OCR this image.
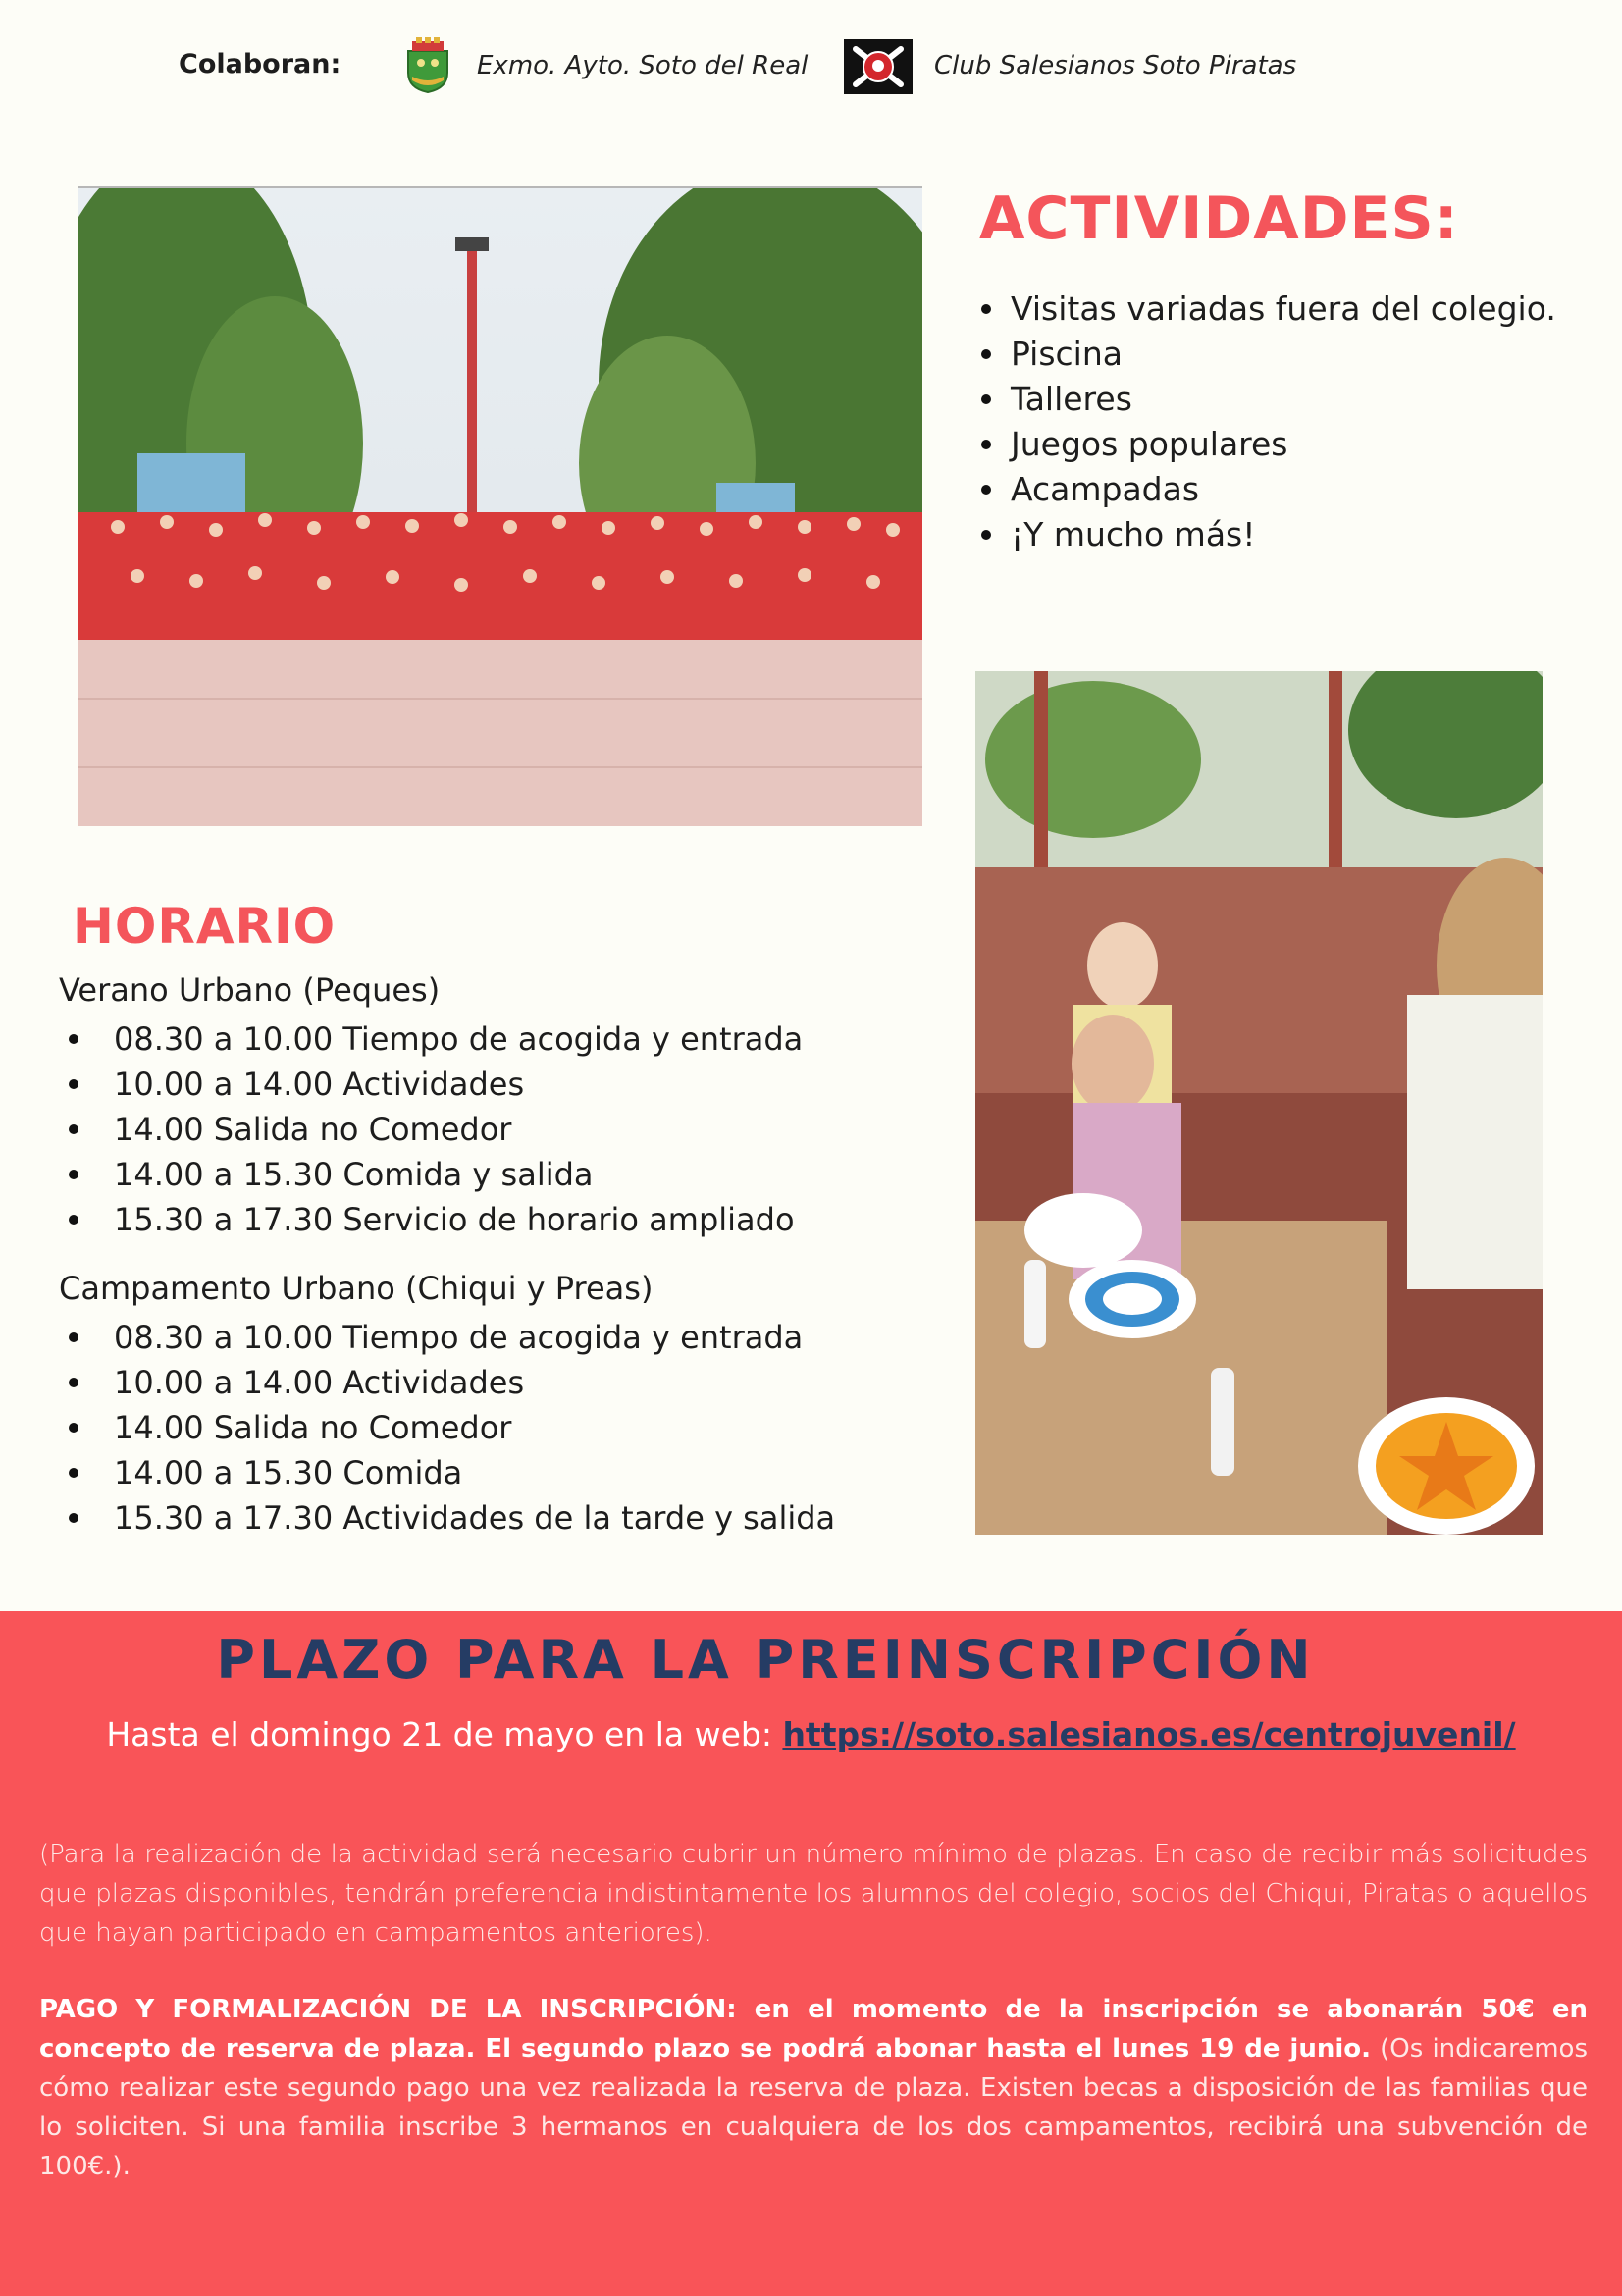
Colaboran:	Exmo. Ayto. Soto del Real	Club Salesianos Soto Piratas
ACTIVIDADES:
Visitas variadas fuera del colegio.
Piscina
Talleres
Juegos populares
Acampadas
¡Y mucho más!
HORARIO
Verano Urbano (Peques)
08.30 a 10.00 Tiempo de acogida y entrada
10.00 a 14.00 Actividades
14.00 Salida no Comedor
14.00 a 15.30 Comida y salida
15.30 a 17.30 Servicio de horario ampliado
Campamento Urbano (Chiqui y Preas)
08.30 a 10.00 Tiempo de acogida y entrada
10.00 a 14.00 Actividades
14.00 Salida no Comedor
14.00 a 15.30 Comida
15.30 a 17.30 Actividades de la tarde y salida
PLAZO PARA LA PREINSCRIPCIÓN
Hasta el domingo 21 de mayo en la web: https://soto.salesianos.es/centrojuvenil/
(Para la realización de la actividad será necesario cubrir un número mínimo de plazas. En caso de recibir más solicitudes que plazas disponibles, tendrán preferencia indistintamente los alumnos del colegio, socios del Chiqui, Piratas o aquellos que hayan participado en campamentos anteriores).
PAGO Y FORMALIZACIÓN DE LA INSCRIPCIÓN: en el momento de la inscripción se abonarán 50€ en concepto de reserva de plaza. El segundo plazo se podrá abonar hasta el lunes 19 de junio. (Os indicaremos cómo realizar este segundo pago una vez realizada la reserva de plaza. Existen becas a disposición de las familias que lo soliciten. Si una familia inscribe 3 hermanos en cualquiera de los dos campamentos, recibirá una subvención de 100€.).
